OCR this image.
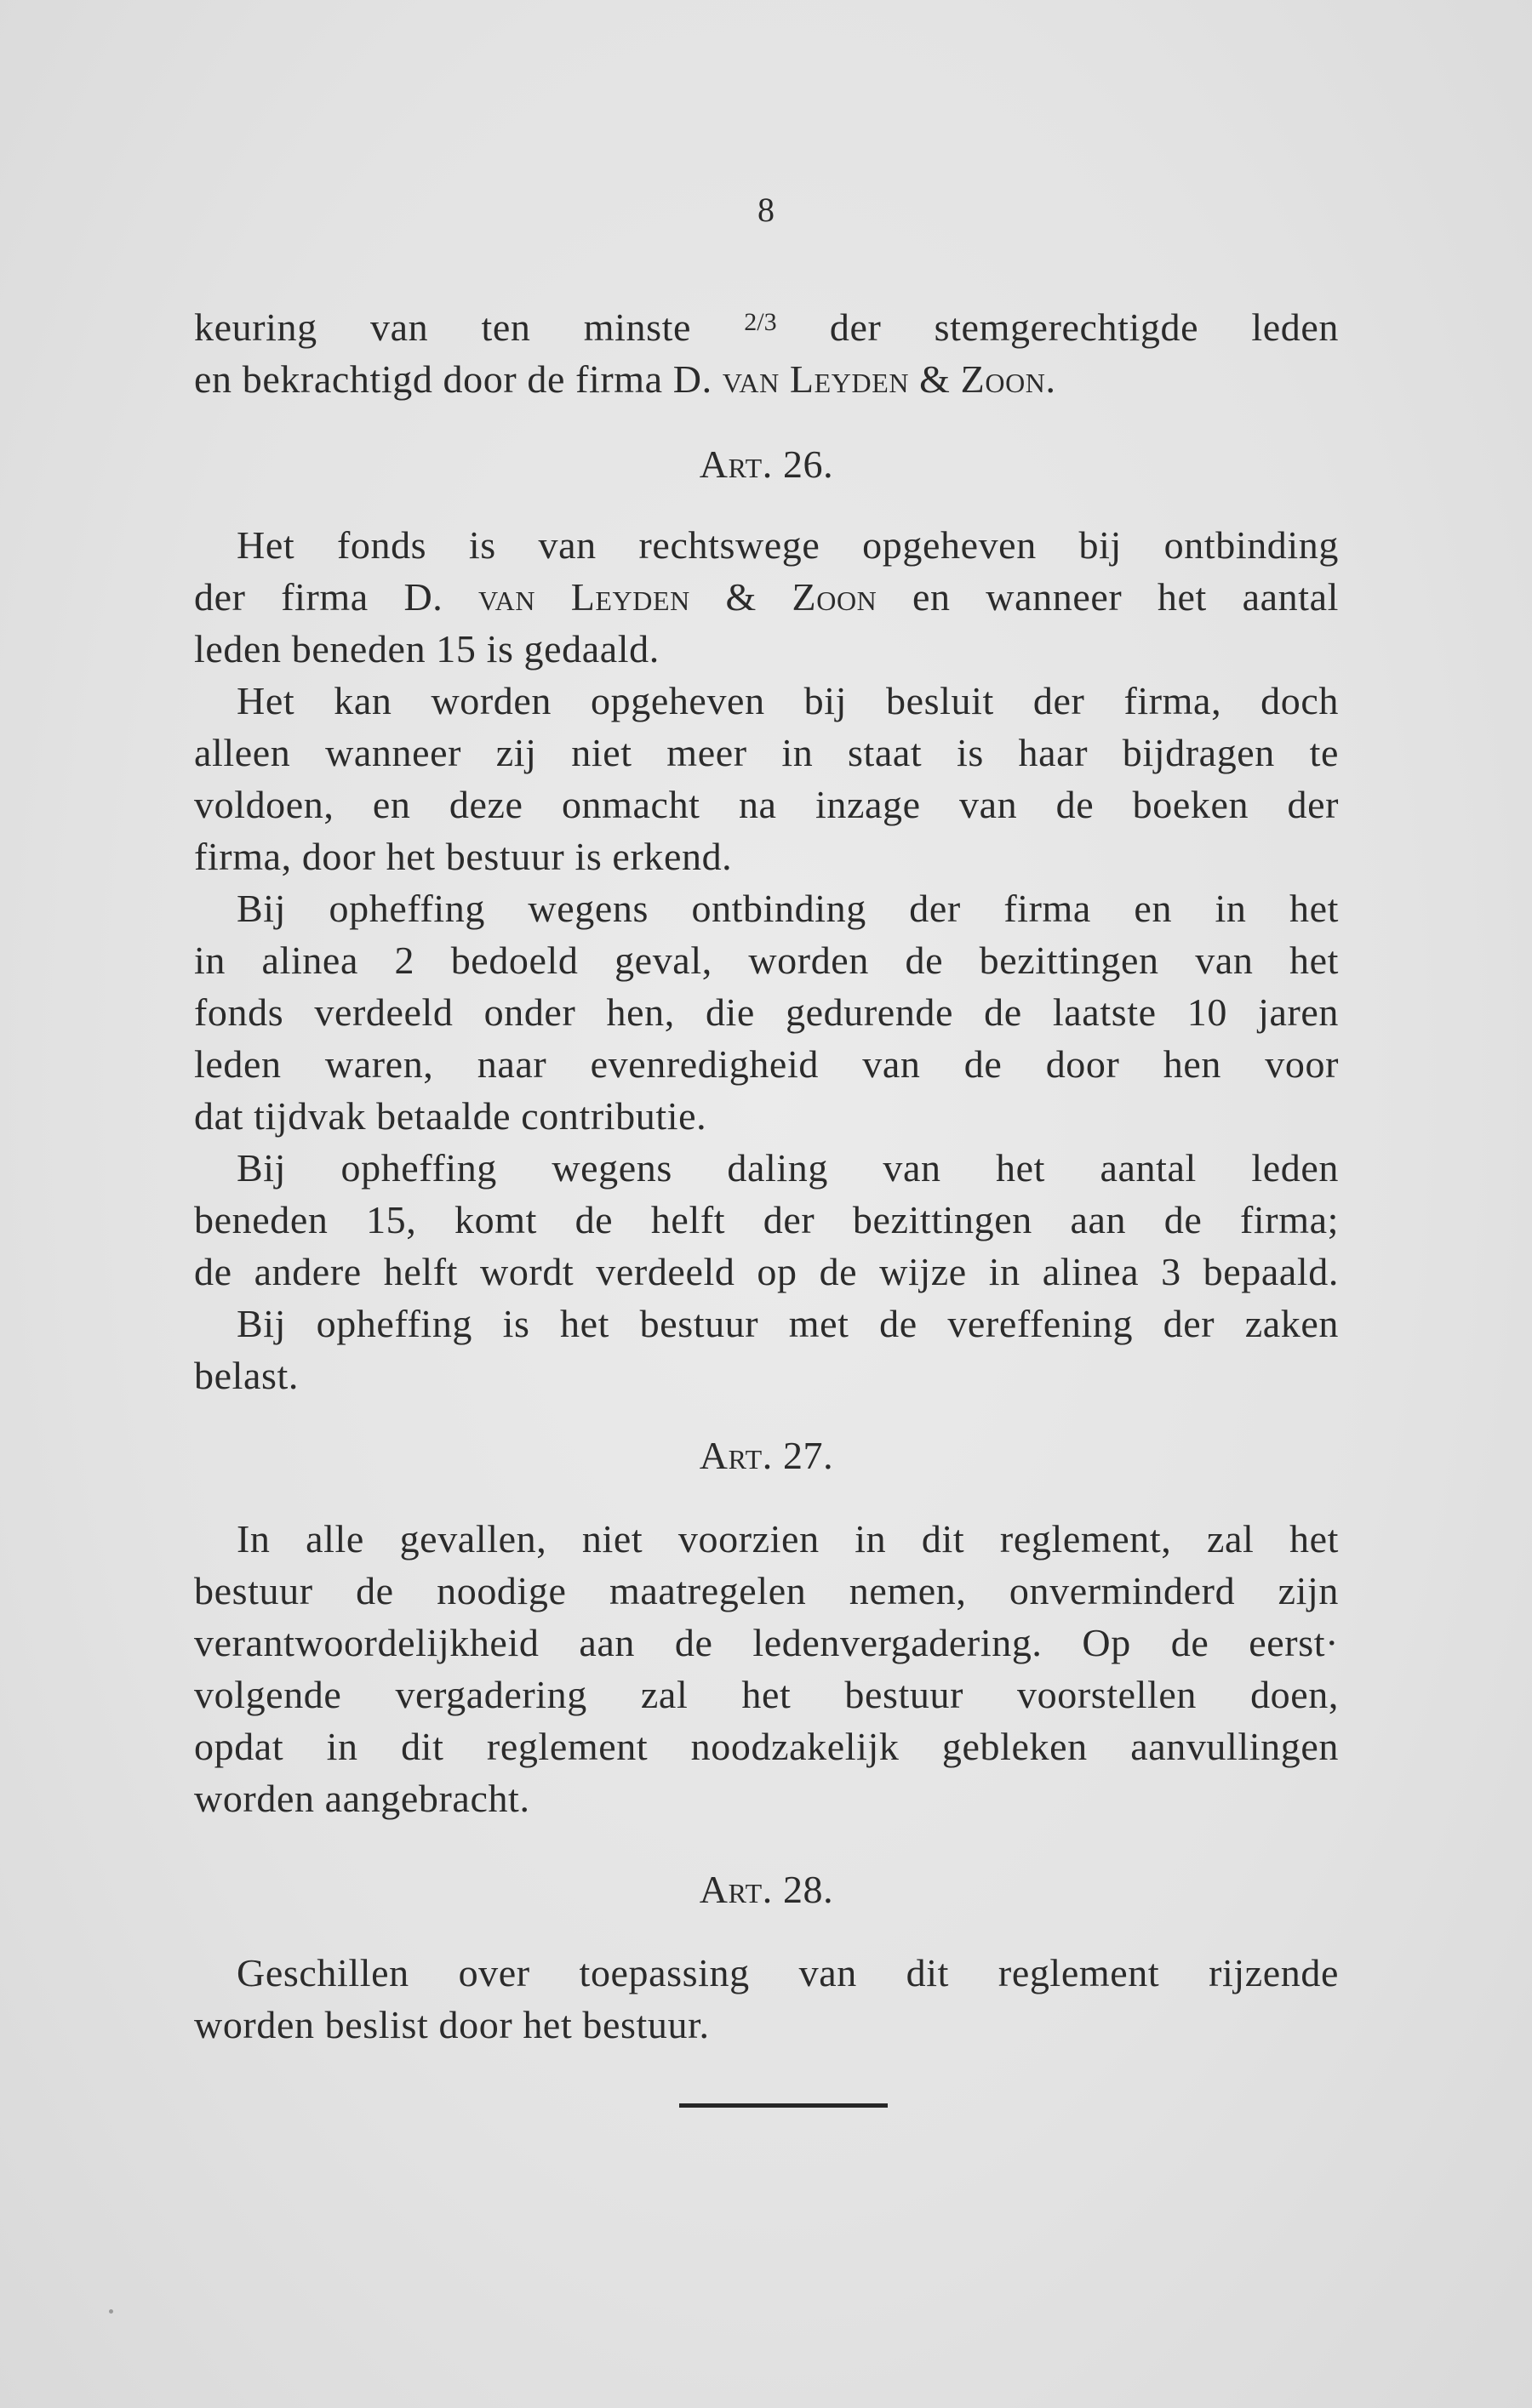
8
keuring van ten minste $^{2/3}$ der stemgerechtigde leden
en bekrachtigd door de firma D. van Leyden & Zoon.

Art. 26.

Het fonds is van rechtswege opgeheven bij ontbinding
der firma D. van Leyden & Zoon en wanneer het aantal
leden beneden 15 is gedaald.
Het kan worden opgeheven bij besluit der firma, doch
alleen wanneer zij niet meer in staat is haar bijdragen te
voldoen, en deze onmacht na inzage van de boeken der
firma, door het bestuur is erkend.
Bij opheffing wegens ontbinding der firma en in het
in alinea 2 bedoeld geval, worden de bezittingen van het
fonds verdeeld onder hen, die gedurende de laatste 10 jaren
leden waren, naar evenredigheid van de door hen voor
dat tijdvak betaalde contributie.
Bij opheffing wegens daling van het aantal leden
beneden 15, komt de helft der bezittingen aan de firma;
de andere helft wordt verdeeld op de wijze in alinea 3 bepaald.
Bij opheffing is het bestuur met de vereffening der zaken
belast.

Art. 27.

In alle gevallen, niet voorzien in dit reglement, zal het
bestuur de noodige maatregelen nemen, onverminderd zijn
verantwoordelijkheid aan de ledenvergadering. Op de eerst·
volgende vergadering zal het bestuur voorstellen doen,
opdat in dit reglement noodzakelijk gebleken aanvullingen
worden aangebracht.

Art. 28.

Geschillen over toepassing van dit reglement rijzende
worden beslist door het bestuur.
